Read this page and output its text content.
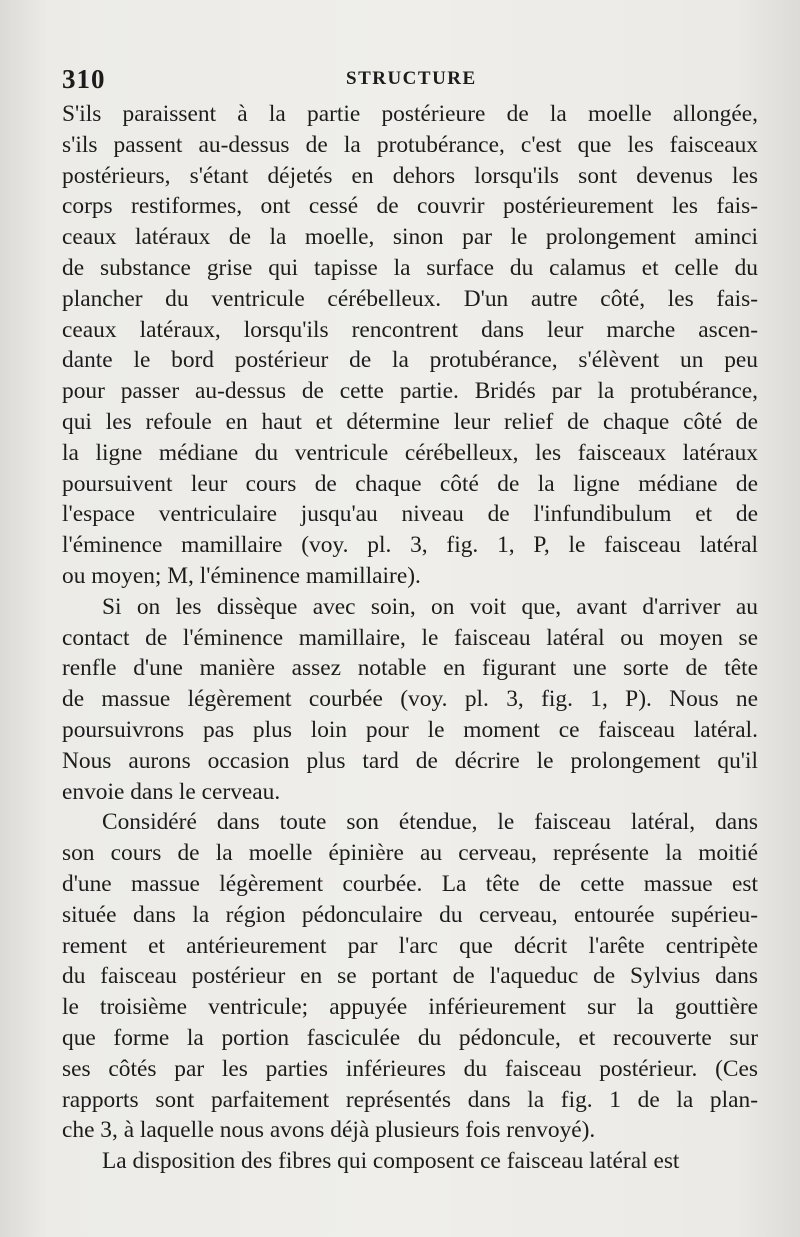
310	STRUCTURE
S'ils paraissent à la partie postérieure de la moelle allongée,
s'ils passent au-dessus de la protubérance, c'est que les faisceaux
postérieurs, s'étant déjetés en dehors lorsqu'ils sont devenus les
corps restiformes, ont cessé de couvrir postérieurement les fais-
ceaux latéraux de la moelle, sinon par le prolongement aminci
de substance grise qui tapisse la surface du calamus et celle du
plancher du ventricule cérébelleux. D'un autre côté, les fais-
ceaux latéraux, lorsqu'ils rencontrent dans leur marche ascen-
dante le bord postérieur de la protubérance, s'élèvent un peu
pour passer au-dessus de cette partie. Bridés par la protubérance,
qui les refoule en haut et détermine leur relief de chaque côté de
la ligne médiane du ventricule cérébelleux, les faisceaux latéraux
poursuivent leur cours de chaque côté de la ligne médiane de
l'espace ventriculaire jusqu'au niveau de l'infundibulum et de
l'éminence mamillaire (voy. pl. 3, fig. 1, P, le faisceau latéral
ou moyen; M, l'éminence mamillaire).
Si on les dissèque avec soin, on voit que, avant d'arriver au
contact de l'éminence mamillaire, le faisceau latéral ou moyen se
renfle d'une manière assez notable en figurant une sorte de tête
de massue légèrement courbée (voy. pl. 3, fig. 1, P). Nous ne
poursuivrons pas plus loin pour le moment ce faisceau latéral.
Nous aurons occasion plus tard de décrire le prolongement qu'il
envoie dans le cerveau.
Considéré dans toute son étendue, le faisceau latéral, dans
son cours de la moelle épinière au cerveau, représente la moitié
d'une massue légèrement courbée. La tête de cette massue est
située dans la région pédonculaire du cerveau, entourée supérieu-
rement et antérieurement par l'arc que décrit l'arête centripète
du faisceau postérieur en se portant de l'aqueduc de Sylvius dans
le troisième ventricule; appuyée inférieurement sur la gouttière
que forme la portion fasciculée du pédoncule, et recouverte sur
ses côtés par les parties inférieures du faisceau postérieur. (Ces
rapports sont parfaitement représentés dans la fig. 1 de la plan-
che 3, à laquelle nous avons déjà plusieurs fois renvoyé).
La disposition des fibres qui composent ce faisceau latéral est
